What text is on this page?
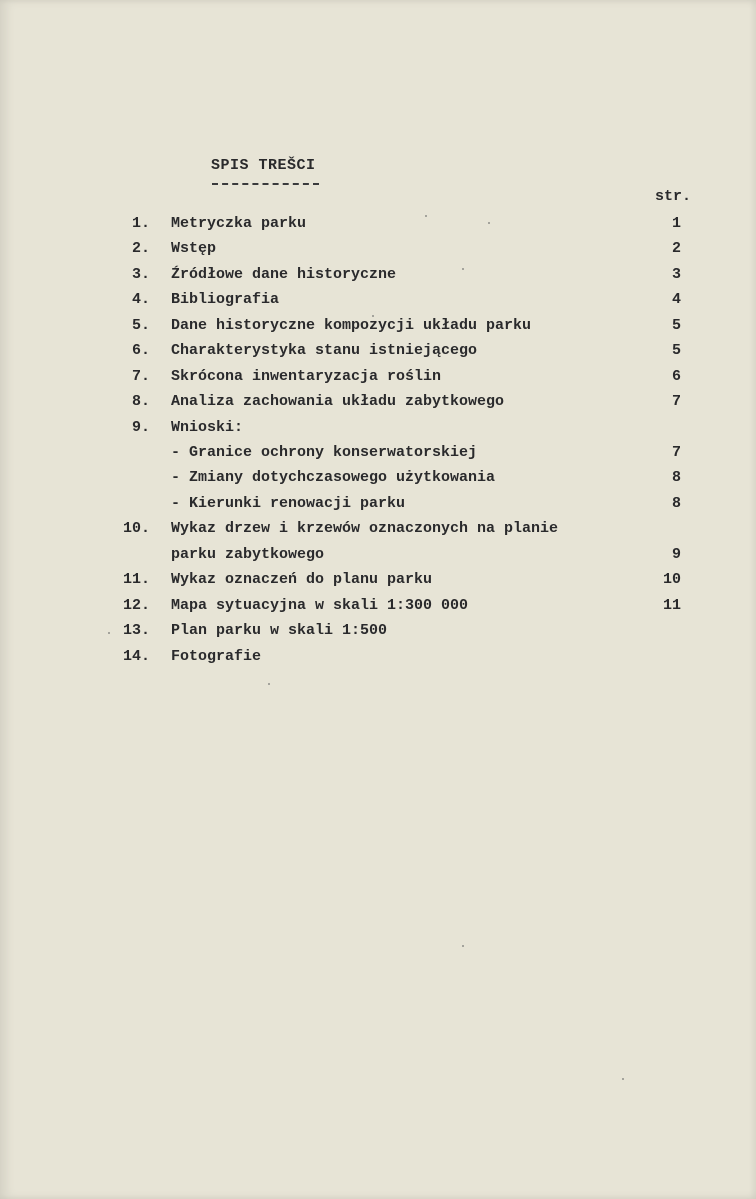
SPIS TREŠCI
str.
1. Metryczka parku	1
2. Wstęp	2
3. Źródłowe dane historyczne	3
4. Bibliografia	4
5. Dane historyczne kompozycji układu parku	5
6. Charakterystyka stanu istniejącego	5
7. Skrócona inwentaryzacja roślin	6
8. Analiza zachowania układu zabytkowego	7
9. Wnioski:
- Granice ochrony konserwatorskiej	7
- Zmiany dotychczasowego użytkowania	8
- Kierunki renowacji parku	8
10. Wykaz drzew i krzewów oznaczonych na planie
parku zabytkowego	9
11. Wykaz oznaczeń do planu parku	10
12. Mapa sytuacyjna w skali 1:300 000	11
13. Plan parku w skali 1:500
14. Fotografie
